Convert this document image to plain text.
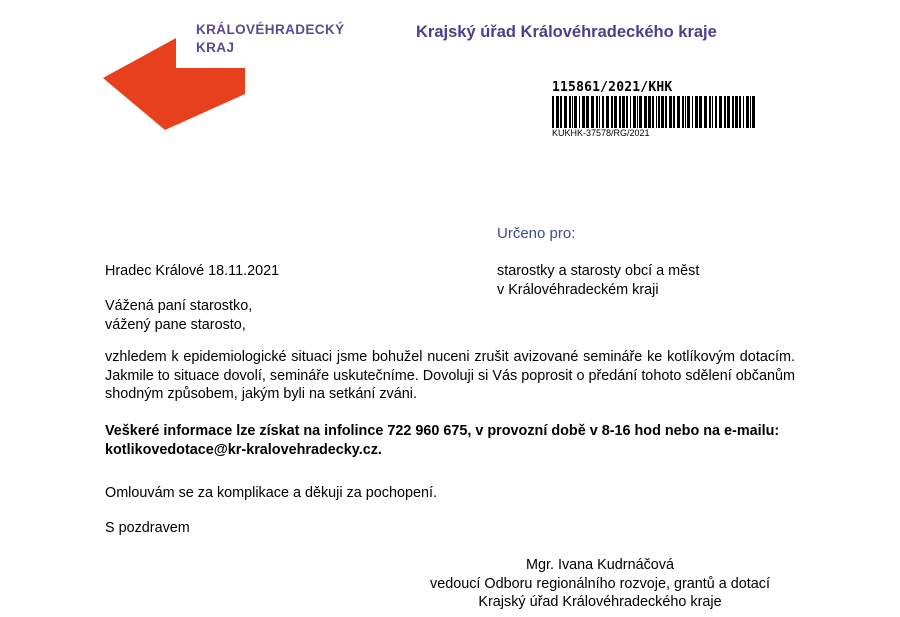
KRÁLOVÉHRADECKÝ
KRAJ
Krajský úřad Královéhradeckého kraje
115861/2021/KHK
KUKHK-37578/RG/2021
Určeno pro:
starostky a starosty obcí a měst
v Královéhradeckém kraji
Hradec Králové 18.11.2021
Vážená paní starostko,
vážený pane starosto,
vzhledem k epidemiologické situaci jsme bohužel nuceni zrušit avizované semináře ke kotlíkovým dotacím. Jakmile to situace dovolí, semináře uskutečníme. Dovoluji si Vás poprosit o předání tohoto sdělení občanům shodným způsobem, jakým byli na setkání zváni.
Veškeré informace lze získat na infolince 722 960 675, v provozní době v 8-16 hod nebo na e-mailu: kotlikovedotace@kr-kralovehradecky.cz.
Omlouvám se za komplikace a děkuji za pochopení.
S pozdravem
Mgr. Ivana Kudrnáčová
vedoucí Odboru regionálního rozvoje, grantů a dotací
Krajský úřad Královéhradeckého kraje
